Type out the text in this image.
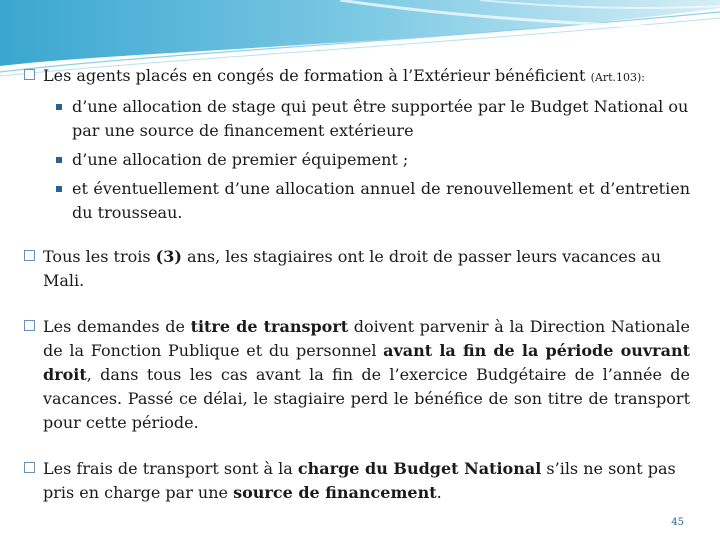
Les agents placés en congés de formation à l’Extérieur bénéficient (Art.103):
d’une allocation de stage qui peut être supportée par le Budget National ou par une source de financement extérieure
d’une allocation de premier équipement ;
et éventuellement d’une allocation annuel de renouvellement et d’entretien du trousseau.
Tous les trois (3) ans, les stagiaires ont le droit de passer leurs vacances au Mali.
Les demandes de titre de transport doivent parvenir à la Direction Nationale de la Fonction Publique et du personnel avant la fin de la période ouvrant droit, dans tous les cas avant la fin de l’exercice Budgétaire de l’année de vacances. Passé ce délai, le stagiaire perd le bénéfice de son titre de transport pour cette période.
Les frais de transport sont à la charge du Budget National s’ils ne sont pas pris en charge par une source de financement.
45
